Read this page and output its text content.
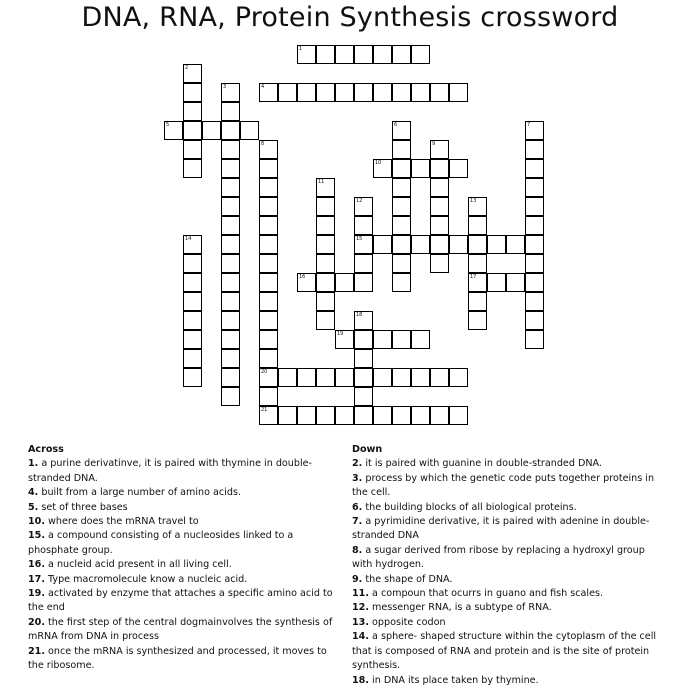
DNA, RNA, Protein Synthesis crossword
1
2
3	4
5	6	7
8
20
9
10
11
12
15
13
17
14
16
18
19
21
Across
1. a purine derivatinve, it is paired with thymine in double-
stranded DNA.
4. built from a large number of amino acids.
5. set of three bases
10. where does the mRNA travel to
15. a compound consisting of a nucleosides linked to a
phosphate group.
16. a nucleid acid present in all living cell.
17. Type macromolecule know a nucleic acid.
19. activated by enzyme that attaches a specific amino acid to
the end
20. the first step of the central dogmainvolves the synthesis of
mRNA from DNA in process
21. once the mRNA is synthesized and processed, it moves to
the ribosome.
Down
2. it is paired with guanine in double-stranded DNA.
3. process by which the genetic code puts together proteins in
the cell.
6. the building blocks of all biological proteins.
7. a pyrimidine derivative, it is paired with adenine in double-
stranded DNA
8. a sugar derived from ribose by replacing a hydroxyl group
with hydrogen.
9. the shape of DNA.
11. a compoun that ocurrs in guano and fish scales.
12. messenger RNA, is a subtype of RNA.
13. opposite codon
14. a sphere- shaped structure within the cytoplasm of the cell
that is composed of RNA and protein and is the site of protein
synthesis.
18. in DNA its place taken by thymine.
